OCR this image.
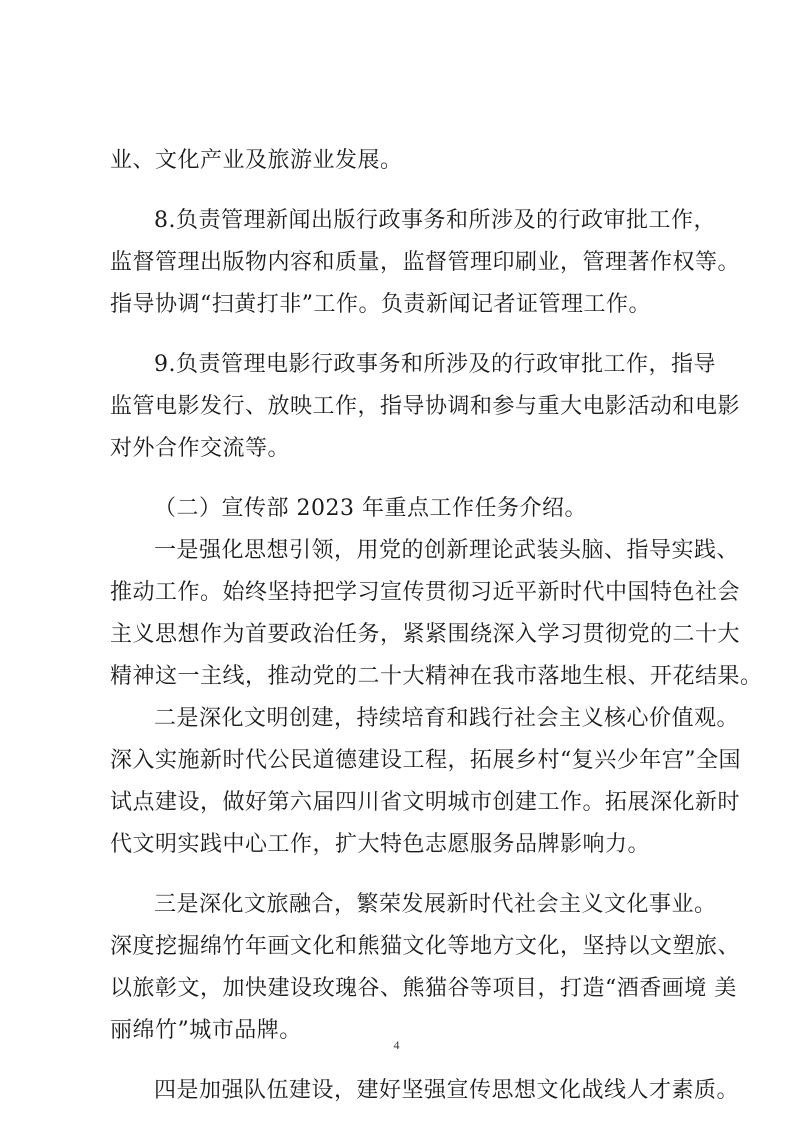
业、文化产业及旅游业发展。
8.负责管理新闻出版行政事务和所涉及的行政审批工作，
监督管理出版物内容和质量，监督管理印刷业，管理著作权等。
指导协调“扫黄打非”工作。负责新闻记者证管理工作。
9.负责管理电影行政事务和所涉及的行政审批工作，指导
监管电影发行、放映工作，指导协调和参与重大电影活动和电影
对外合作交流等。
（二）宣传部 2023 年重点工作任务介绍。
一是强化思想引领，用党的创新理论武装头脑、指导实践、
推动工作。始终坚持把学习宣传贯彻习近平新时代中国特色社会
主义思想作为首要政治任务，紧紧围绕深入学习贯彻党的二十大
精神这一主线，推动党的二十大精神在我市落地生根、开花结果。
二是深化文明创建，持续培育和践行社会主义核心价值观。
深入实施新时代公民道德建设工程，拓展乡村“复兴少年宫”全国
试点建设，做好第六届四川省文明城市创建工作。拓展深化新时
代文明实践中心工作，扩大特色志愿服务品牌影响力。
三是深化文旅融合，繁荣发展新时代社会主义文化事业。
深度挖掘绵竹年画文化和熊猫文化等地方文化，坚持以文塑旅、
以旅彰文，加快建设玫瑰谷、熊猫谷等项目，打造“酒香画境 美
丽绵竹”城市品牌。
四是加强队伍建设，建好坚强宣传思想文化战线人才素质。
4
